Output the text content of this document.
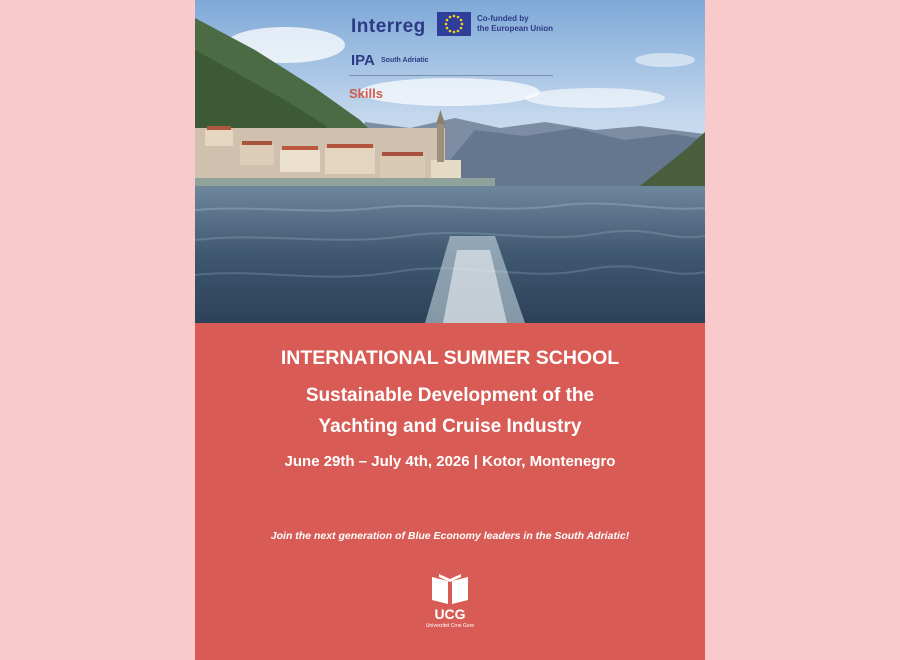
Interreg	Co-funded by
the European Union
IPA South Adriatic
Skills
INTERNATIONAL SUMMER SCHOOL
Sustainable Development of the
Yachting and Cruise Industry
June 29th – July 4th, 2026 | Kotor, Montenegro
Join the next generation of Blue Economy leaders in the South Adriatic!
UCG
Univerzitet Crne Gore
